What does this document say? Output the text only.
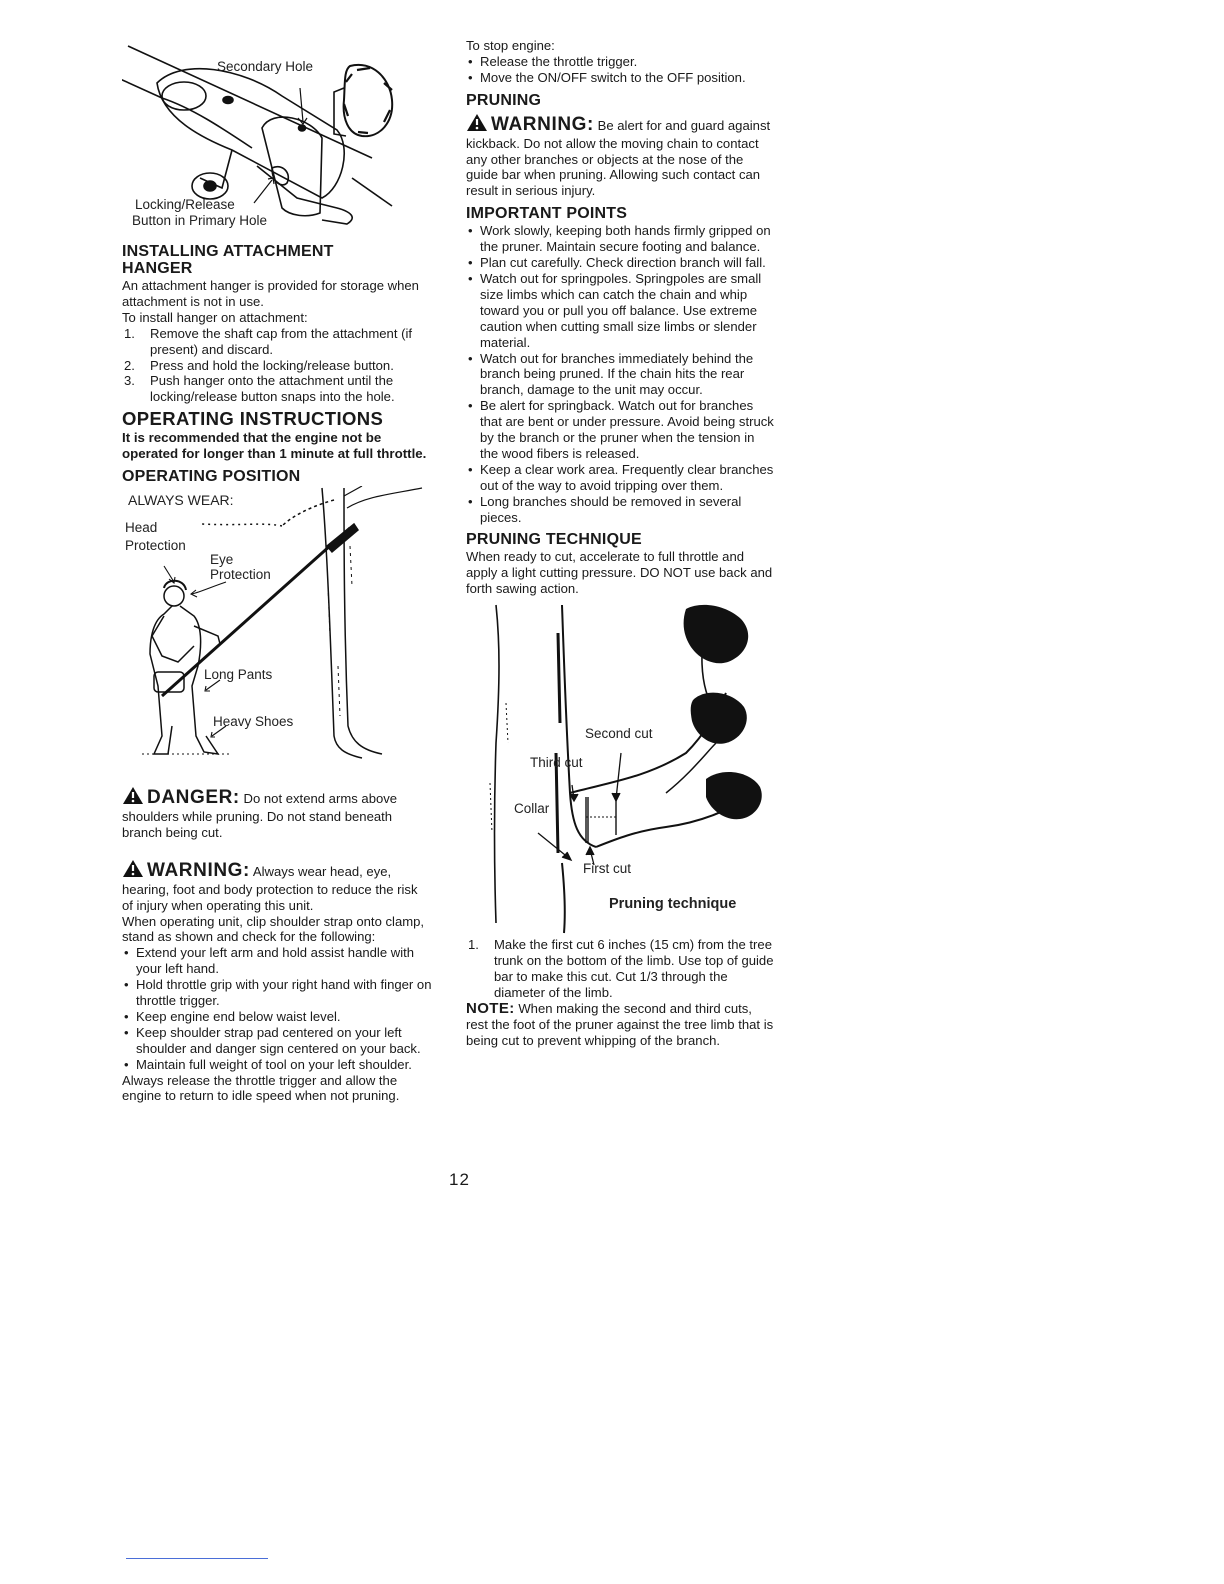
Secondary Hole
Locking/Release
Button in Primary Hole
INSTALLING ATTACHMENT
HANGER

An attachment hanger is provided for storage when attachment is not in use.

To install hanger on attachment:

1. Remove the shaft cap from the attachment (if present) and discard.
2. Press and hold the locking/release button.
3. Push hanger onto the attachment until the locking/release button snaps into the hole.
OPERATING INSTRUCTIONS

It is recommended that the engine not be operated for longer than 1 minute at full throttle.

OPERATING POSITION
ALWAYS WEAR:
Head
Protection
Eye
Protection
Long Pants
Heavy Shoes

DANGER: Do not extend arms above shoulders while pruning. Do not stand beneath branch being cut.

WARNING: Always wear head, eye, hearing, foot and body protection to reduce the risk of injury when operating this unit.

When operating unit, clip shoulder strap onto clamp, stand as shown and check for the following:

• Extend your left arm and hold assist handle with your left hand.
• Hold throttle grip with your right hand with finger on throttle trigger.
• Keep engine end below waist level.
• Keep shoulder strap pad centered on your left shoulder and danger sign centered on your back.
• Maintain full weight of tool on your left shoulder.

Always release the throttle trigger and allow the engine to return to idle speed when not pruning.

To stop engine:

• Release the throttle trigger.
• Move the ON/OFF switch to the OFF position.
PRUNING

WARNING: Be alert for and guard against kickback. Do not allow the moving chain to contact any other branches or objects at the nose of the guide bar when pruning. Allowing such contact can result in serious injury.

IMPORTANT POINTS
• Work slowly, keeping both hands firmly gripped on the pruner. Maintain secure footing and balance.
• Plan cut carefully. Check direction branch will fall.
• Watch out for springpoles. Springpoles are small size limbs which can catch the chain and whip toward you or pull you off balance. Use extreme caution when cutting small size limbs or slender material.
• Watch out for branches immediately behind the branch being pruned. If the chain hits the rear branch, damage to the unit may occur.
• Be alert for springback. Watch out for branches that are bent or under pressure. Avoid being struck by the branch or the pruner when the tension in the wood fibers is released.
• Keep a clear work area. Frequently clear branches out of the way to avoid tripping over them.
• Long branches should be removed in several pieces.
PRUNING TECHNIQUE

When ready to cut, accelerate to full throttle and apply a light cutting pressure. DO NOT use back and forth sawing action.

Second cut
Third cut
Collar
First cut
Pruning technique
1. Make the first cut 6 inches (15 cm) from the tree trunk on the bottom of the limb. Use top of guide bar to make this cut. Cut 1/3 through the diameter of the limb.

NOTE: When making the second and third cuts, rest the foot of the pruner against the tree limb that is being cut to prevent whipping of the branch.

12
